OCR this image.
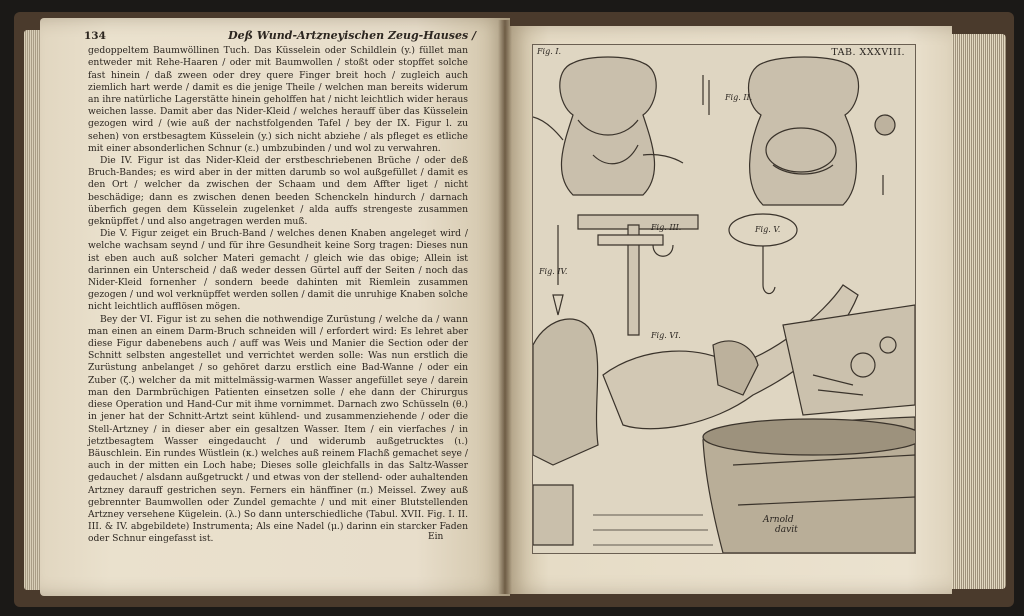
134	Deß Wund-Artzneyischen Zeug-Hauses /

gedoppeltem Baumwöllinen Tuch. Das Küsselein oder Schildlein (y.) füllet man entweder mit Rehe-Haaren / oder mit Baumwollen / stoßt oder stopffet solche fast hinein / daß zween oder drey quere Finger breit hoch / zugleich auch ziemlich hart werde / damit es die jenige Theile / welchen man bereits widerum an ihre natürliche Lagerstätte hinein geholffen hat / nicht leichtlich wider heraus weichen lasse. Damit aber das Nider-Kleid / welches herauff über das Küsselein gezogen wird / (wie auß der nachstfolgenden Tafel / bey der IX. Figur l. zu sehen) von erstbesagtem Küsselein (y.) sich nicht abziehe / als pfleget es etliche mit einer absonderlichen Schnur (ε.) umbzubinden / und wol zu verwahren.

Die IV. Figur ist das Nider-Kleid der erstbeschriebenen Brüche / oder deß Bruch-Bandes; es wird aber in der mitten darumb so wol außgefüllet / damit es den Ort / welcher da zwischen der Schaam und dem Affter liget / nicht beschädige; dann es zwischen denen beeden Schenckeln hindurch / darnach überfich gegen dem Küsselein zugelenket / alda auffs strengeste zusammen geknüpffet / und also angetragen werden muß.

Die V. Figur zeiget ein Bruch-Band / welches denen Knaben angeleget wird / welche wachsam seynd / und für ihre Gesundheit keine Sorg tragen: Dieses nun ist eben auch auß solcher Materi gemacht / gleich wie das obige; Allein ist darinnen ein Unterscheid / daß weder dessen Gürtel auff der Seiten / noch das Nider-Kleid fornenher / sondern beede dahinten mit Riemlein zusammen gezogen / und wol verknüpffet werden sollen / damit die unruhige Knaben solche nicht leichtlich aufflösen mögen.

Bey der VI. Figur ist zu sehen die nothwendige Zurüstung / welche da / wann man einen an einem Darm-Bruch schneiden will / erfordert wird: Es lehret aber diese Figur dabenebens auch / auff was Weis und Manier die Section oder der Schnitt selbsten angestellet und verrichtet werden solle: Was nun erstlich die Zurüstung anbelanget / so gehöret darzu erstlich eine Bad-Wanne / oder ein Zuber (ζ.) welcher da mit mittelmässig-warmen Wasser angefüllet seye / darein man den Darmbrüchigen Patienten einsetzen solle / ehe dann der Chirurgus diese Operation und Hand-Cur mit ihme vornimmet. Darnach zwo Schüsseln (θ.) in jener hat der Schnitt-Artzt seint kühlend- und zusammenziehende / oder die Stell-Artzney / in dieser aber ein gesaltzen Wasser. Item / ein vierfaches / in jetztbesagtem Wasser eingedaucht / und widerumb außgetrucktes (ι.) Bäuschlein. Ein rundes Wüstlein (κ.) welches auß reinem Flachß gemachet seye / auch in der mitten ein Loch habe; Dieses solle gleichfalls in das Saltz-Wasser gedauchet / alsdann außgetruckt / und etwas von der stellend- oder auhaltenden Artzney darauff gestrichen seyn. Ferners ein hänffiner (π.) Meissel. Zwey auß gebrennter Baumwollen oder Zundel gemachte / und mit einer Blutstellenden Artzney versehene Kügelein. (λ.) So dann unterschiedliche (Tabul. XVII. Fig. I. II. III. & IV. abgebildete) Instrumenta; Als eine Nadel (μ.) darinn ein starcker Faden oder Schnur eingefasst ist.	Ein
TAB. XXXVIII.
Fig. I.
Fig. II.
Fig. III.
Fig. IV.
Fig. V.
Fig. VI.
Arnold
davit
